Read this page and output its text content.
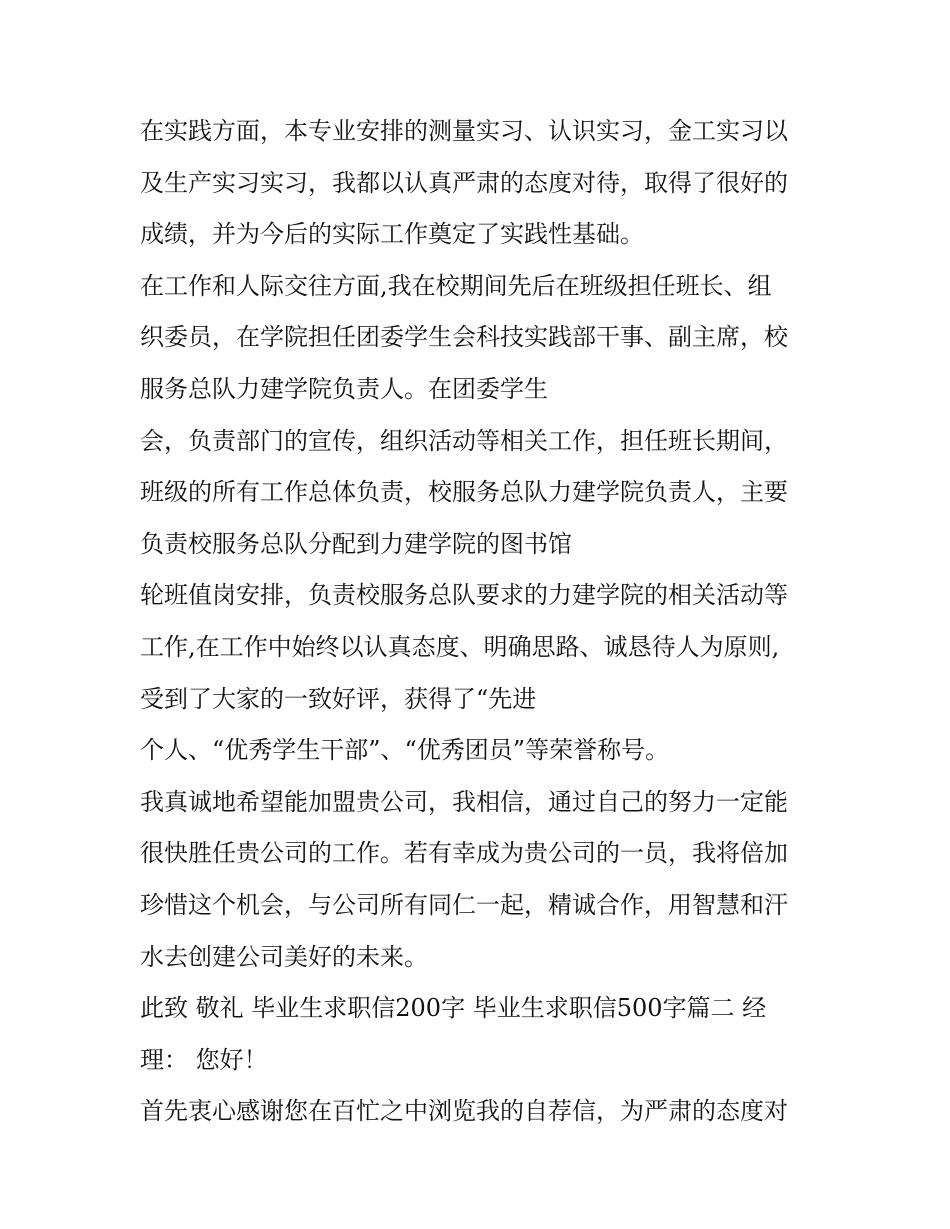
在实践方面，本专业安排的测量实习、认识实习，金工实习以
及生产实习实习，我都以认真严肃的态度对待，取得了很好的
成绩，并为今后的实际工作奠定了实践性基础。
在工作和人际交往方面,我在校期间先后在班级担任班长、组
织委员，在学院担任团委学生会科技实践部干事、副主席，校
服务总队力建学院负责人。在团委学生
会，负责部门的宣传，组织活动等相关工作，担任班长期间，
班级的所有工作总体负责，校服务总队力建学院负责人，主要
负责校服务总队分配到力建学院的图书馆
轮班值岗安排，负责校服务总队要求的力建学院的相关活动等
工作,在工作中始终以认真态度、明确思路、诚恳待人为原则,
受到了大家的一致好评，获得了“先进
个人、“优秀学生干部”、“优秀团员”等荣誉称号。
我真诚地希望能加盟贵公司，我相信，通过自己的努力一定能
很快胜任贵公司的工作。若有幸成为贵公司的一员，我将倍加
珍惜这个机会，与公司所有同仁一起，精诚合作，用智慧和汗
水去创建公司美好的未来。
此致 敬礼 毕业生求职信200字 毕业生求职信500字篇二 经
理： 您好！
首先衷心感谢您在百忙之中浏览我的自荐信，为严肃的态度对
